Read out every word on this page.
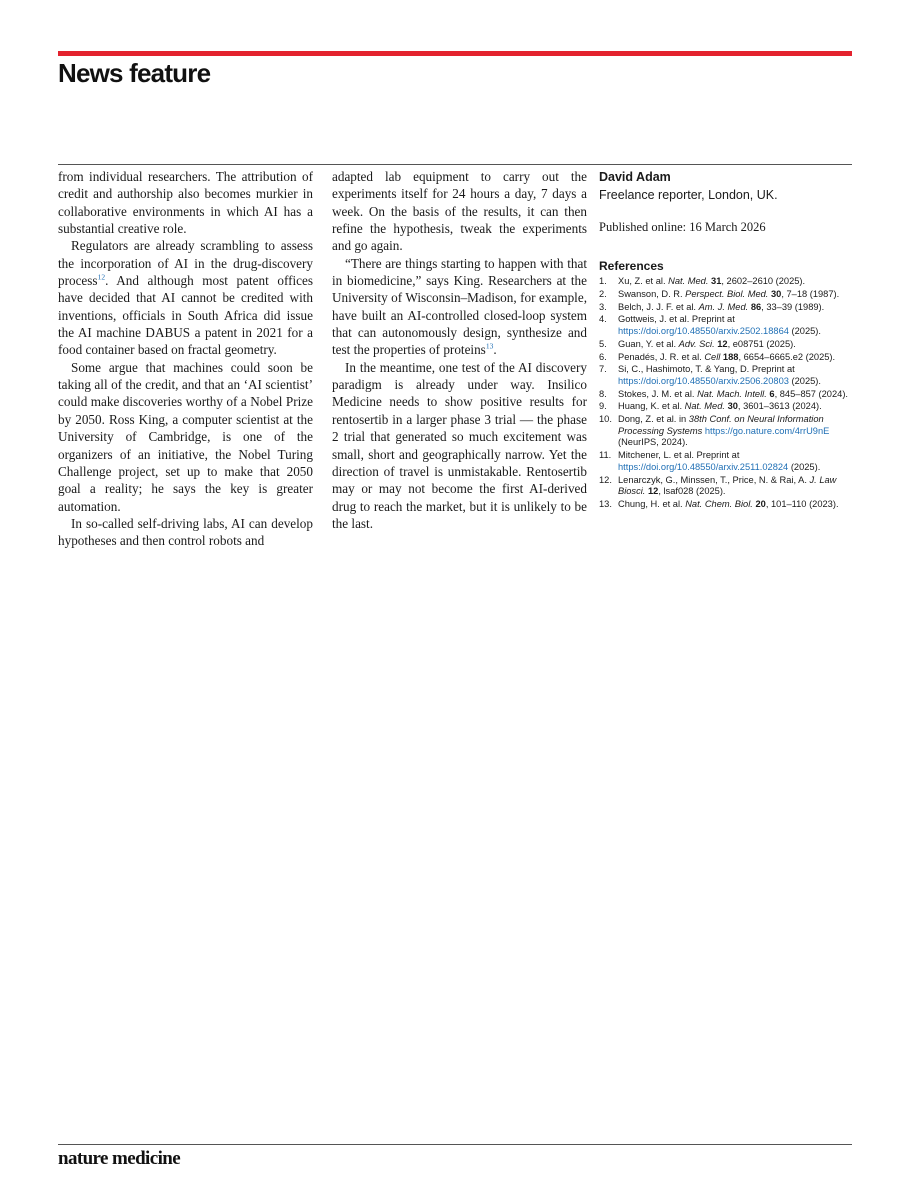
News feature

from individual researchers. The attribution of credit and authorship also becomes murkier in collaborative environments in which AI has a substantial creative role.

Regulators are already scrambling to assess the incorporation of AI in the drug-discovery process$^{12}$. And although most patent offices have decided that AI cannot be credited with inventions, officials in South Africa did issue the AI machine DABUS a patent in 2021 for a food container based on fractal geometry.

Some argue that machines could soon be taking all of the credit, and that an ‘AI scientist’ could make discoveries worthy of a Nobel Prize by 2050. Ross King, a computer scientist at the University of Cambridge, is one of the organizers of an initiative, the Nobel Turing Challenge project, set up to make that 2050 goal a reality; he says the key is greater automation.

In so-called self-driving labs, AI can develop hypotheses and then control robots and

adapted lab equipment to carry out the experiments itself for 24 hours a day, 7 days a week. On the basis of the results, it can then refine the hypothesis, tweak the experiments and go again.

“There are things starting to happen with that in biomedicine,” says King. Researchers at the University of Wisconsin–Madison, for example, have built an AI-controlled closed-loop system that can autonomously design, synthesize and test the properties of proteins$^{13}$.

In the meantime, one test of the AI discovery paradigm is already under way. Insilico Medicine needs to show positive results for rentosertib in a larger phase 3 trial — the phase 2 trial that generated so much excitement was small, short and geographically narrow. Yet the direction of travel is unmistakable. Rentosertib may or may not become the first AI-derived drug to reach the market, but it is unlikely to be the last.

David Adam
Freelance reporter, London, UK.
Published online: 16 March 2026
References
1. Xu, Z. et al. Nat. Med. 31, 2602–2610 (2025).
2. Swanson, D. R. Perspect. Biol. Med. 30, 7–18 (1987).
3. Belch, J. J. F. et al. Am. J. Med. 86, 33–39 (1989).
4. Gottweis, J. et al. Preprint at https://doi.org/10.48550/arxiv.2502.18864 (2025).
5. Guan, Y. et al. Adv. Sci. 12, e08751 (2025).
6. Penadés, J. R. et al. Cell 188, 6654–6665.e2 (2025).
7. Si, C., Hashimoto, T. & Yang, D. Preprint at https://doi.org/10.48550/arxiv.2506.20803 (2025).
8. Stokes, J. M. et al. Nat. Mach. Intell. 6, 845–857 (2024).
9. Huang, K. et al. Nat. Med. 30, 3601–3613 (2024).
10. Dong, Z. et al. in 38th Conf. on Neural Information Processing Systems https://go.nature.com/4rrU9nE (NeurIPS, 2024).
11. Mitchener, L. et al. Preprint at https://doi.org/10.48550/arxiv.2511.02824 (2025).
12. Lenarczyk, G., Minssen, T., Price, N. & Rai, A. J. Law Biosci. 12, lsaf028 (2025).
13. Chung, H. et al. Nat. Chem. Biol. 20, 101–110 (2023).
nature medicine
